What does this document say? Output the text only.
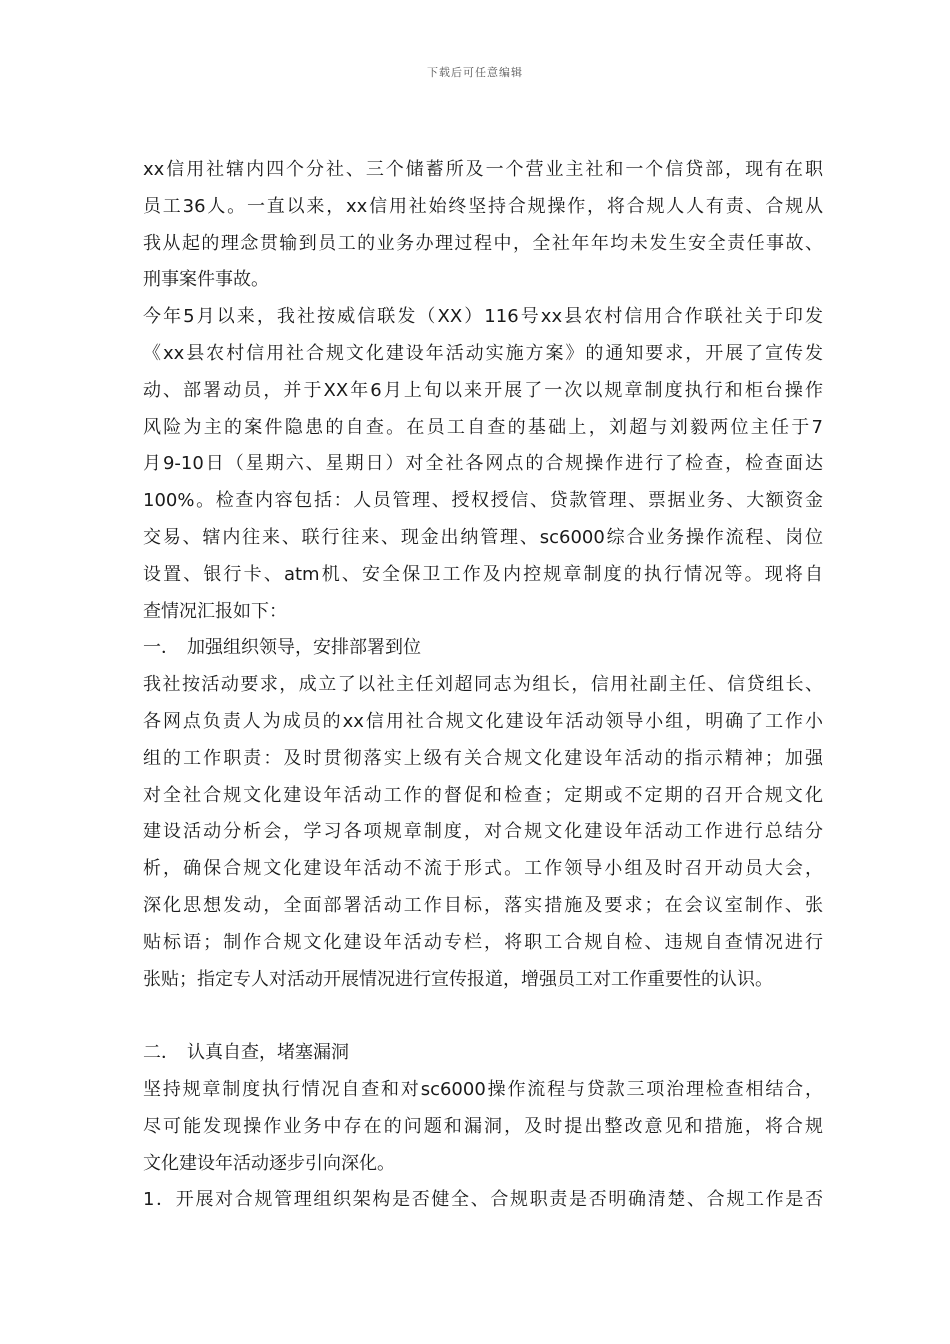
下载后可任意编辑

xx信用社辖内四个分社、三个储蓄所及一个营业主社和一个信贷部，现有在职
员工36人。一直以来，xx信用社始终坚持合规操作，将合规人人有责、合规从
我从起的理念贯输到员工的业务办理过程中，全社年年均未发生安全责任事故、
刑事案件事故。

今年5月以来，我社按威信联发（XX）116号xx县农村信用合作联社关于印发
《xx县农村信用社合规文化建设年活动实施方案》的通知要求，开展了宣传发
动、部署动员，并于XX年6月上旬以来开展了一次以规章制度执行和柜台操作
风险为主的案件隐患的自查。在员工自查的基础上，刘超与刘毅两位主任于7
月9-10日（星期六、星期日）对全社各网点的合规操作进行了检查，检查面达
100%。检查内容包括：人员管理、授权授信、贷款管理、票据业务、大额资金
交易、辖内往来、联行往来、现金出纳管理、sc6000综合业务操作流程、岗位
设置、银行卡、atm机、安全保卫工作及内控规章制度的执行情况等。现将自
查情况汇报如下：

一． 加强组织领导，安排部署到位

我社按活动要求，成立了以社主任刘超同志为组长，信用社副主任、信贷组长、
各网点负责人为成员的xx信用社合规文化建设年活动领导小组，明确了工作小
组的工作职责：及时贯彻落实上级有关合规文化建设年活动的指示精神；加强
对全社合规文化建设年活动工作的督促和检查；定期或不定期的召开合规文化
建设活动分析会，学习各项规章制度，对合规文化建设年活动工作进行总结分
析，确保合规文化建设年活动不流于形式。工作领导小组及时召开动员大会，
深化思想发动，全面部署活动工作目标，落实措施及要求；在会议室制作、张
贴标语；制作合规文化建设年活动专栏，将职工合规自检、违规自查情况进行
张贴；指定专人对活动开展情况进行宣传报道，增强员工对工作重要性的认识。

二． 认真自查，堵塞漏洞

坚持规章制度执行情况自查和对sc6000操作流程与贷款三项治理检查相结合，
尽可能发现操作业务中存在的问题和漏洞，及时提出整改意见和措施，将合规
文化建设年活动逐步引向深化。

1．开展对合规管理组织架构是否健全、合规职责是否明确清楚、合规工作是否
